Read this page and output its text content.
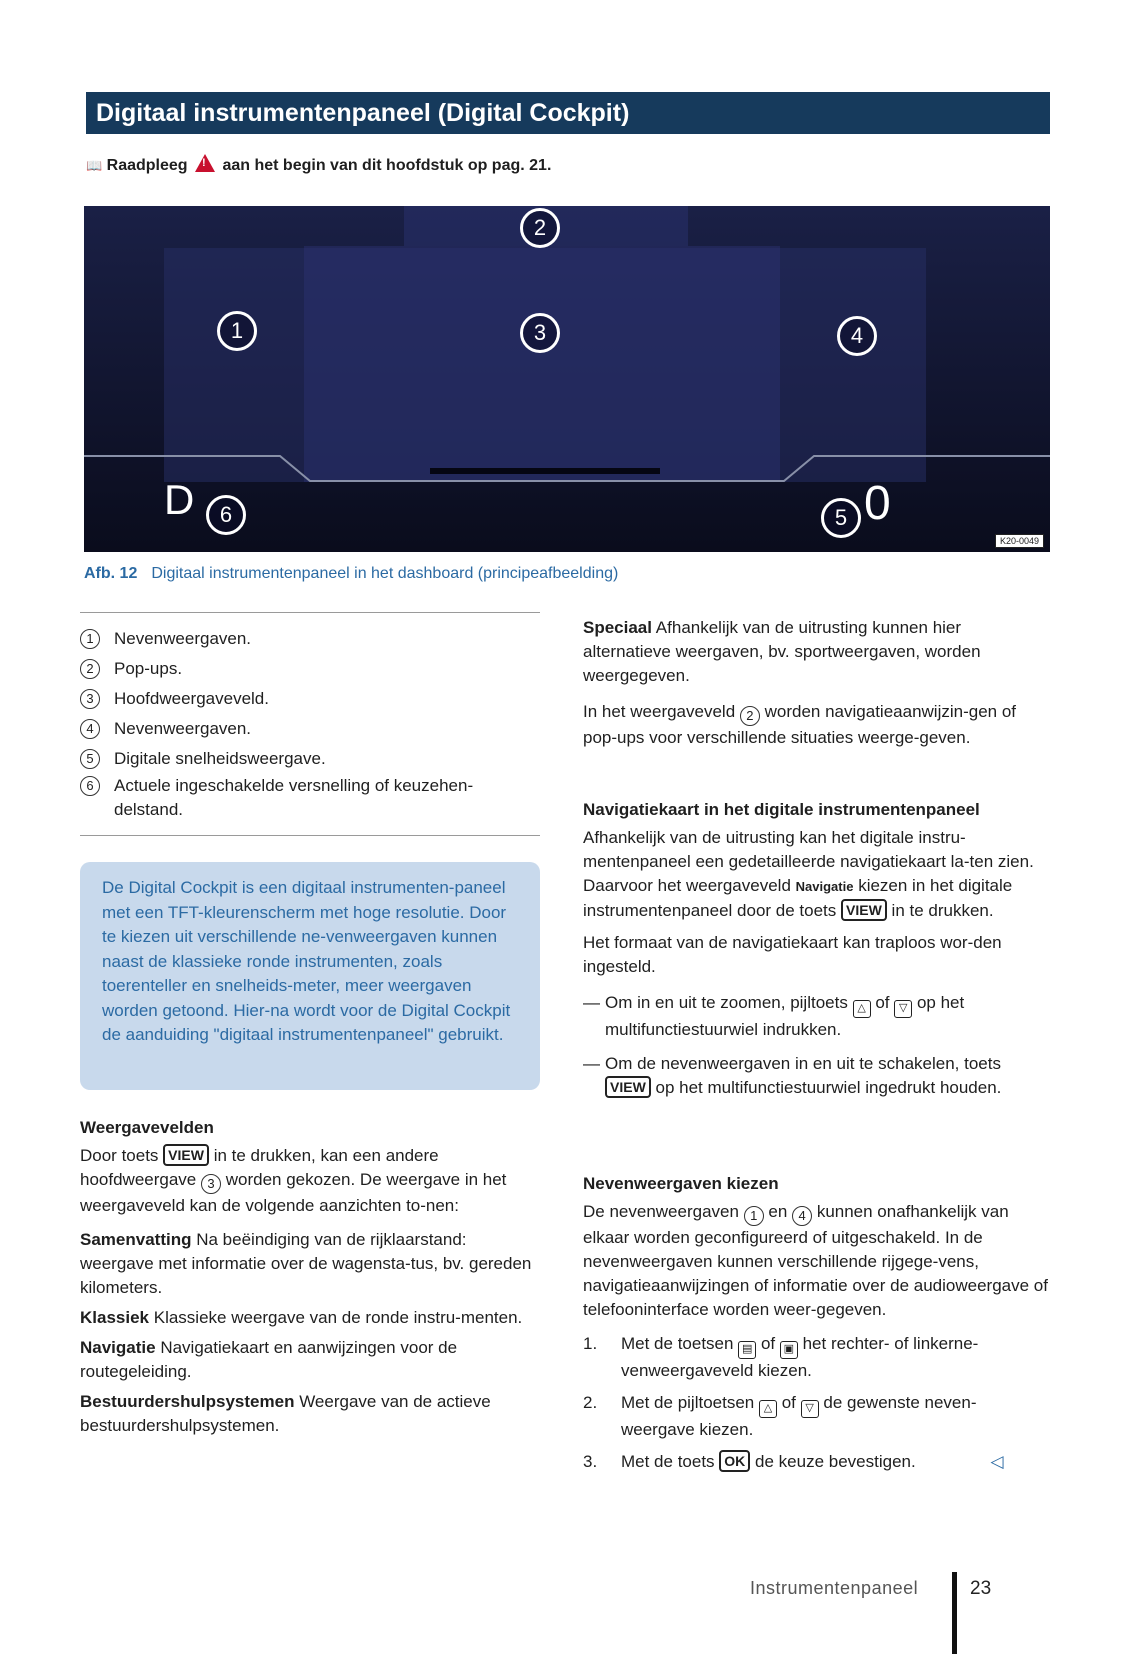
Digitaal instrumentenpaneel (Digital Cockpit)
📖 Raadpleeg ! aan het begin van dit hoofdstuk op pag. 21.
2
1	3	4
D	6	5 0
K20-0049
Afb. 12 Digitaal instrumentenpaneel in het dashboard (principeafbeelding)
1	Nevenweergaven.
2	Pop-ups.
3	Hoofdweergaveveld.
4	Nevenweergaven.
5	Digitale snelheidsweergave.
6	Actuele ingeschakelde versnelling of keuzehen-delstand.
De Digital Cockpit is een digitaal instrumenten-paneel met een TFT-kleurenscherm met hoge resolutie. Door te kiezen uit verschillende ne-venweergaven kunnen naast de klassieke ronde instrumenten, zoals toerenteller en snelheids-meter, meer weergaven worden getoond. Hier-na wordt voor de Digital Cockpit de aanduiding "digitaal instrumentenpaneel" gebruikt.
Weergavevelden
Door toets VIEW in te drukken, kan een andere hoofdweergave 3 worden gekozen. De weergave in het weergaveveld kan de volgende aanzichten to-nen:
Samenvatting Na beëindiging van de rijklaarstand: weergave met informatie over de wagensta-tus, bv. gereden kilometers.
Klassiek Klassieke weergave van de ronde instru-menten.
Navigatie Navigatiekaart en aanwijzingen voor de routegeleiding.
Bestuurdershulpsystemen Weergave van de actieve bestuurdershulpsystemen.
Speciaal Afhankelijk van de uitrusting kunnen hier alternatieve weergaven, bv. sportweergaven, worden weergegeven.
In het weergaveveld 2 worden navigatieaanwijzin-gen of pop-ups voor verschillende situaties weerge-geven.
Navigatiekaart in het digitale instrumentenpaneel
Afhankelijk van de uitrusting kan het digitale instru-mentenpaneel een gedetailleerde navigatiekaart la-ten zien. Daarvoor het weergaveveld Navigatie kiezen in het digitale instrumentenpaneel door de toets VIEW in te drukken.
Het formaat van de navigatiekaart kan traploos wor-den ingesteld.
— Om in en uit te zoomen, pijltoets △ of ▽ op het multifunctiestuurwiel indrukken.
— Om de nevenweergaven in en uit te schakelen, toets VIEW op het multifunctiestuurwiel ingedrukt houden.
Nevenweergaven kiezen
De nevenweergaven 1 en 4 kunnen onafhankelijk van elkaar worden geconfigureerd of uitgeschakeld. In de nevenweergaven kunnen verschillende rijgege-vens, navigatieaanwijzingen of informatie over de audioweergave of telefooninterface worden weer-gegeven.
1.	Met de toetsen ▤ of ▣ het rechter- of linkerne-venweergaveveld kiezen.
2.	Met de pijltoetsen △ of ▽ de gewenste neven-weergave kiezen.
3.	Met de toets OK de keuze bevestigen.	◁
Instrumentenpaneel	23
